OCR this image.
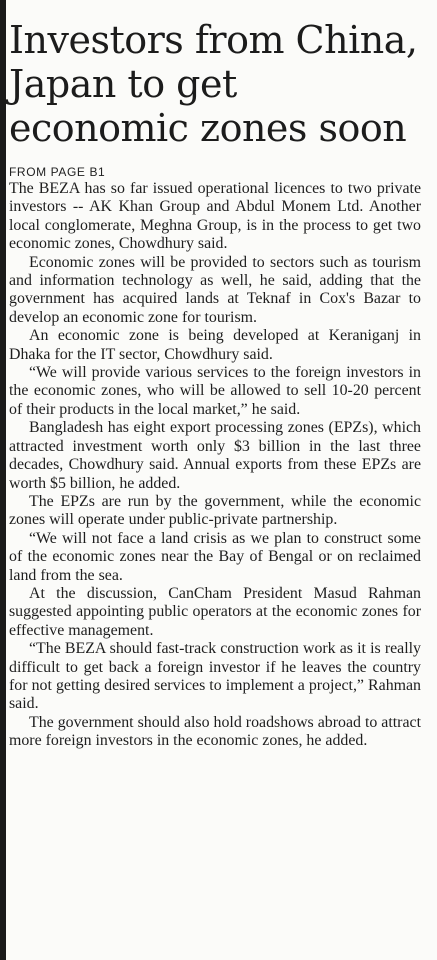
Investors from China,
Japan to get
economic zones soon
FROM PAGE B1

The BEZA has so far issued operational licences to two private investors -- AK Khan Group and Abdul Monem Ltd. Another local conglomerate, Meghna Group, is in the process to get two economic zones, Chowdhury said.

Economic zones will be provided to sectors such as tourism and information technology as well, he said, adding that the government has acquired lands at Teknaf in Cox's Bazar to develop an economic zone for tourism.

An economic zone is being developed at Keraniganj in Dhaka for the IT sector, Chowdhury said.

“We will provide various services to the foreign investors in the economic zones, who will be allowed to sell 10-20 percent of their products in the local market,” he said.

Bangladesh has eight export processing zones (EPZs), which attracted investment worth only $3 billion in the last three decades, Chowdhury said. Annual exports from these EPZs are worth $5 billion, he added.

The EPZs are run by the government, while the economic zones will operate under public-private partnership.

“We will not face a land crisis as we plan to construct some of the economic zones near the Bay of Bengal or on reclaimed land from the sea.

At the discussion, CanCham President Masud Rahman suggested appointing public operators at the economic zones for effective management.

“The BEZA should fast-track construction work as it is really difficult to get back a foreign investor if he leaves the country for not getting desired services to implement a project,” Rahman said.

The government should also hold roadshows abroad to attract more foreign investors in the economic zones, he added.
